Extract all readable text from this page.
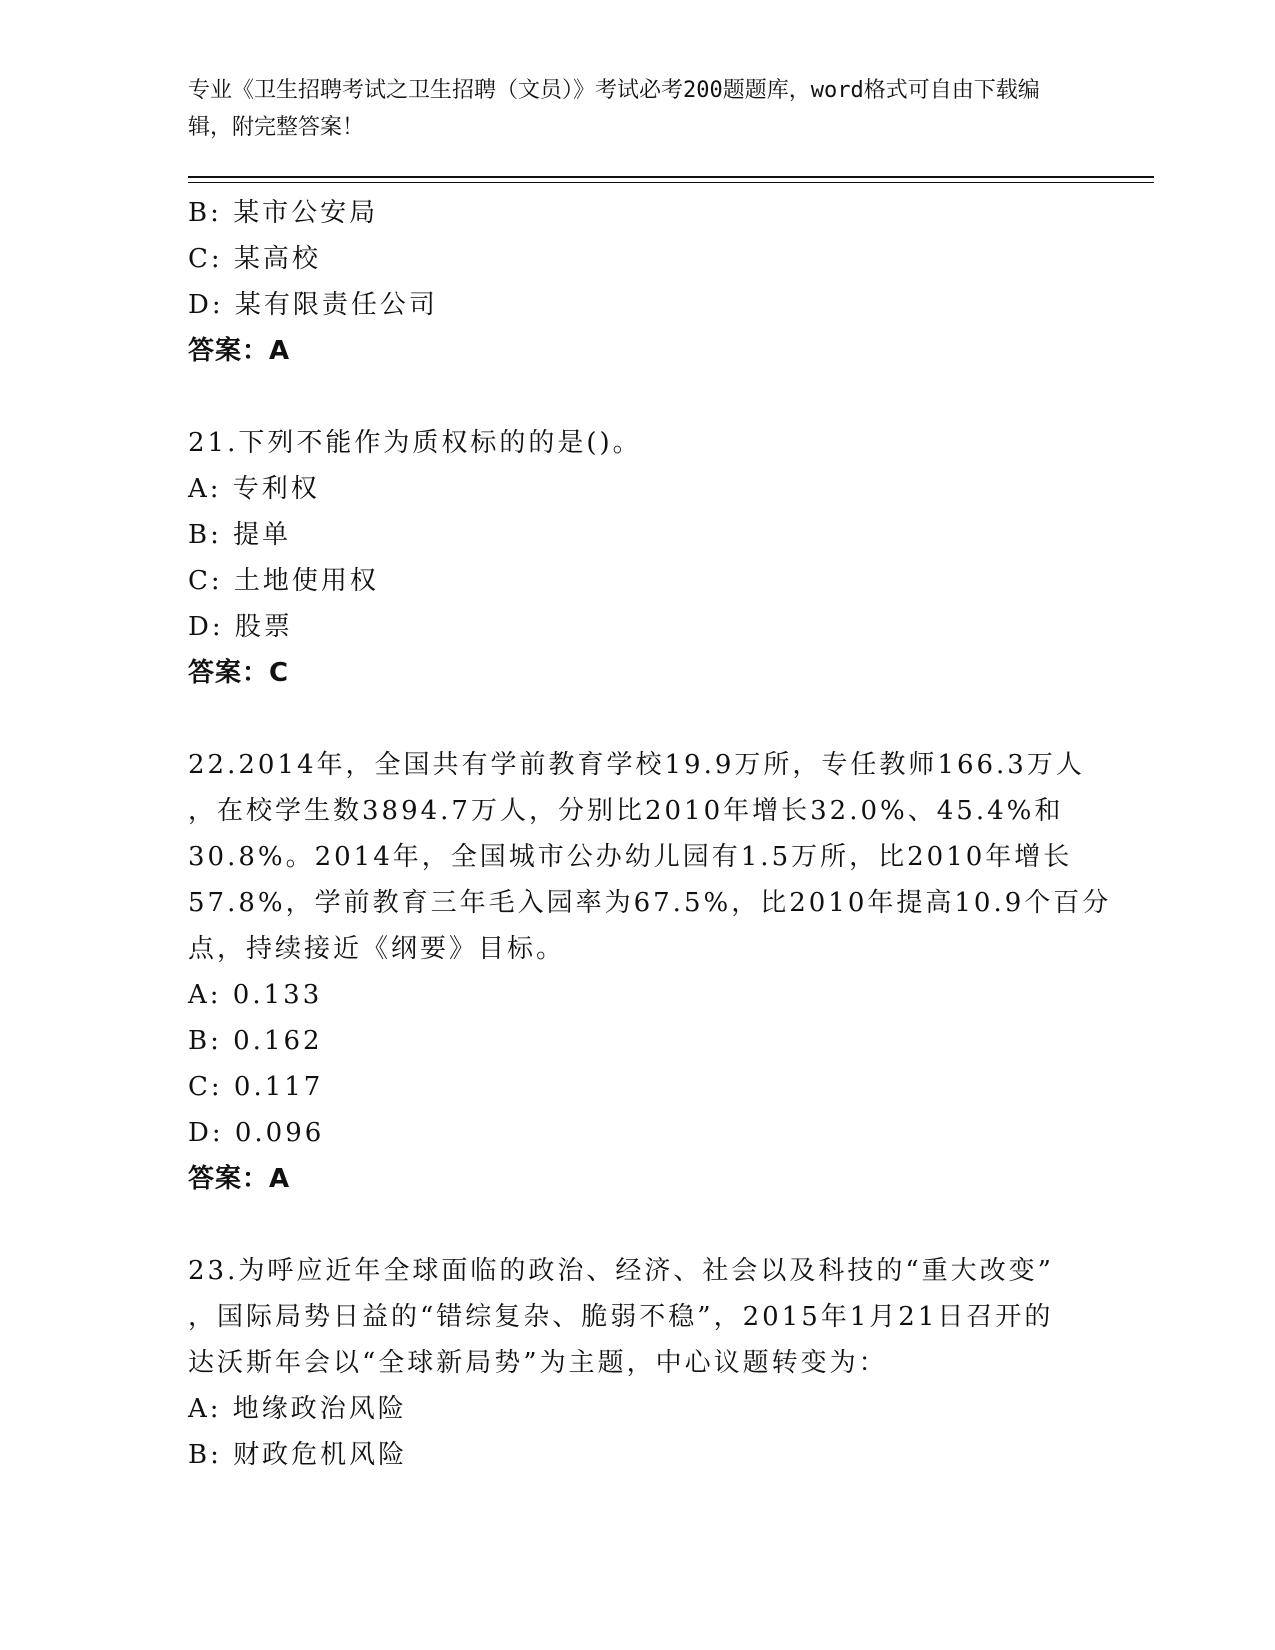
专业《卫生招聘考试之卫生招聘（文员）》考试必考200题题库，word格式可自由下载编辑，附完整答案！
B: 某市公安局
C: 某高校
D: 某有限责任公司
答案：A
21.下列不能作为质权标的的是()。
A: 专利权
B: 提单
C: 土地使用权
D: 股票
答案：C
22.2014年，全国共有学前教育学校19.9万所，专任教师166.3万人
，在校学生数3894.7万人，分别比2010年增长32.0%、45.4%和
30.8%。2014年，全国城市公办幼儿园有1.5万所，比2010年增长
57.8%，学前教育三年毛入园率为67.5%，比2010年提高10.9个百分
点，持续接近《纲要》目标。
A: 0.133
B: 0.162
C: 0.117
D: 0.096
答案：A
23.为呼应近年全球面临的政治、经济、社会以及科技的“重大改变”
，国际局势日益的“错综复杂、脆弱不稳”，2015年1月21日召开的
达沃斯年会以“全球新局势”为主题，中心议题转变为：
A: 地缘政治风险
B: 财政危机风险
